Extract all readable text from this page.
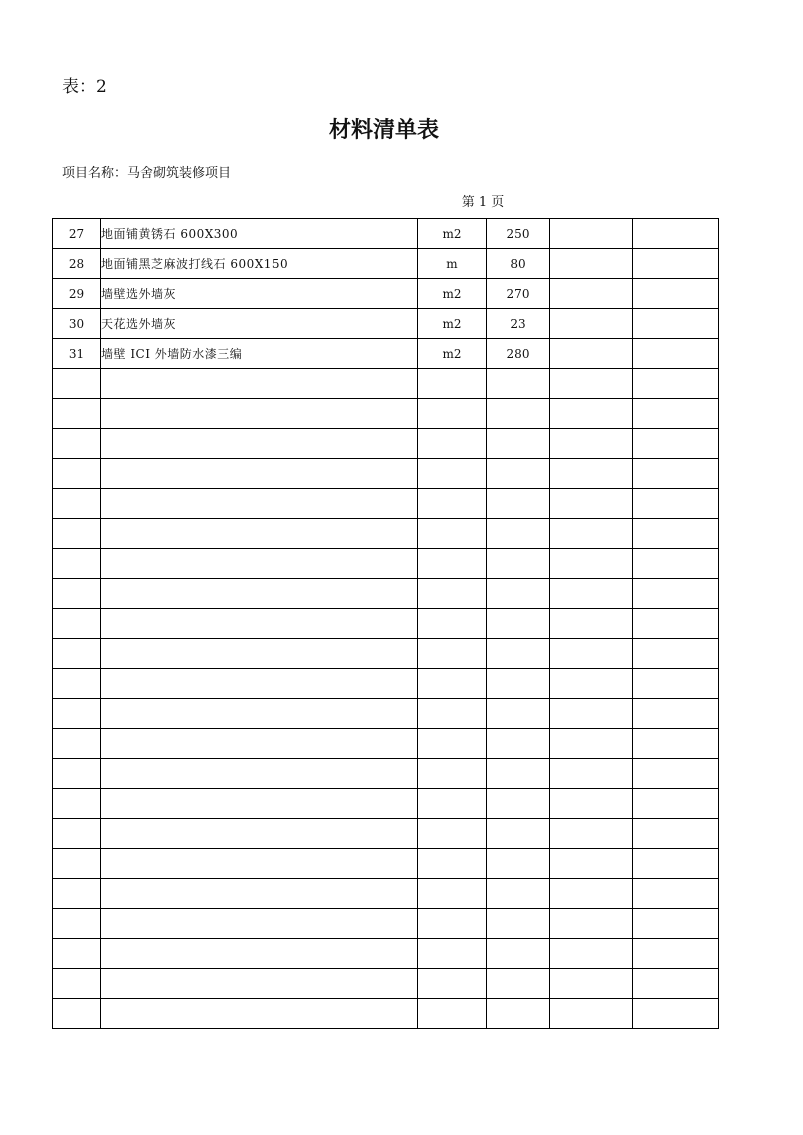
表：2
材料清单表
项目名称：马舍砌筑装修项目
第 1 页
27	地面铺黄锈石 600X300	m2	250		
28	地面铺黑芝麻波打线石 600X150	m	80		
29	墙壁选外墙灰	m2	270		
30	天花选外墙灰	m2	23		
31	墙壁 ICI 外墙防水漆三编	m2	280		
